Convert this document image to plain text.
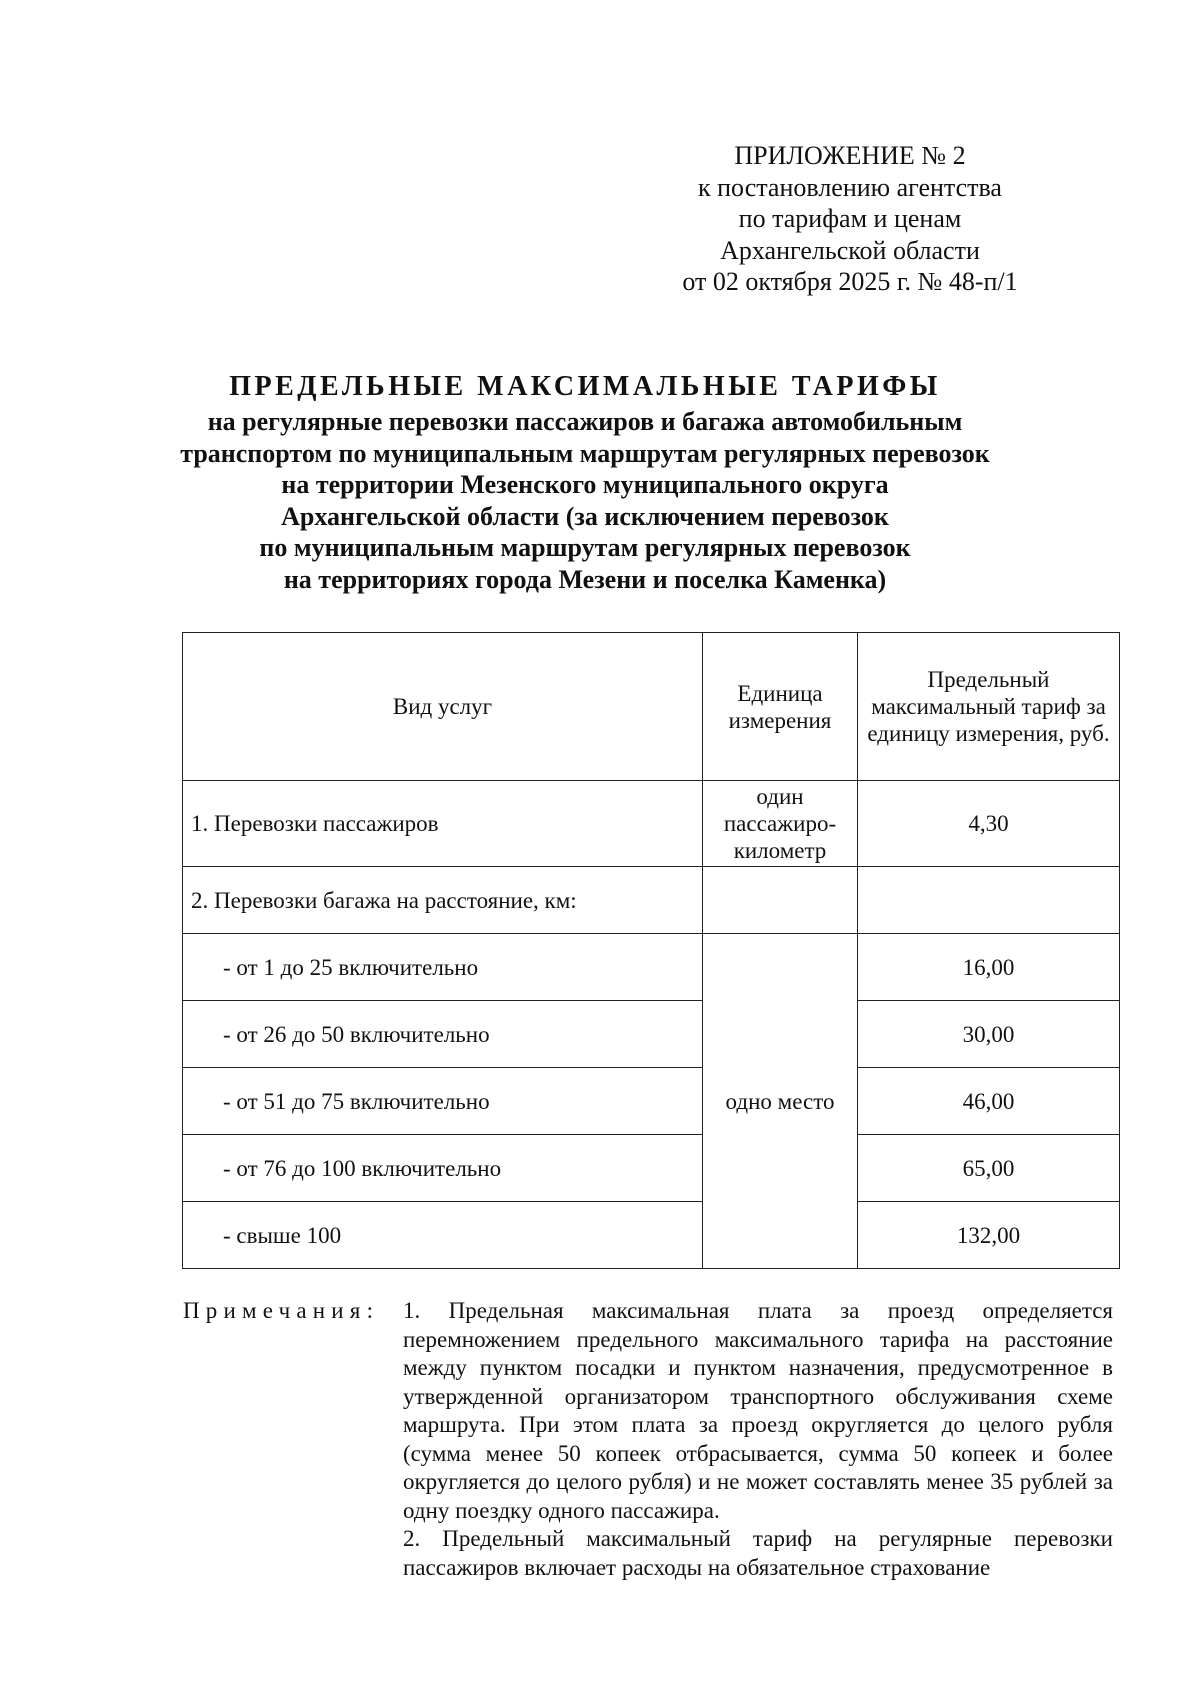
ПРИЛОЖЕНИЕ № 2
к постановлению агентства
по тарифам и ценам
Архангельской области
от 02 октября 2025 г. № 48-п/1
ПРЕДЕЛЬНЫЕ МАКСИМАЛЬНЫЕ ТАРИФЫ
на регулярные перевозки пассажиров и багажа автомобильным
транспортом по муниципальным маршрутам регулярных перевозок
на территории Мезенского муниципального округа
Архангельской области (за исключением перевозок
по муниципальным маршрутам регулярных перевозок
на территориях города Мезени и поселка Каменка)
Вид услуг	Единица измерения	Предельный максимальный тариф за единицу измерения, руб.
1. Перевозки пассажиров	один пассажиро-километр	4,30
2. Перевозки багажа на расстояние, км:		
- от 1 до 25 включительно	одно место	16,00
- от 26 до 50 включительно		30,00
- от 51 до 75 включительно		46,00
- от 76 до 100 включительно		65,00
- свыше 100		132,00
Примечания: 1. Предельная максимальная плата за проезд определяется перемножением предельного максимального тарифа на расстояние между пунктом посадки и пунктом назначения, предусмотренное в утвержденной организатором транспортного обслуживания схеме маршрута. При этом плата за проезд округляется до целого рубля (сумма менее 50 копеек отбрасывается, сумма 50 копеек и более округляется до целого рубля) и не может составлять менее 35 рублей за одну поездку одного пассажира.

2. Предельный максимальный тариф на регулярные перевозки пассажиров включает расходы на обязательное страхование
